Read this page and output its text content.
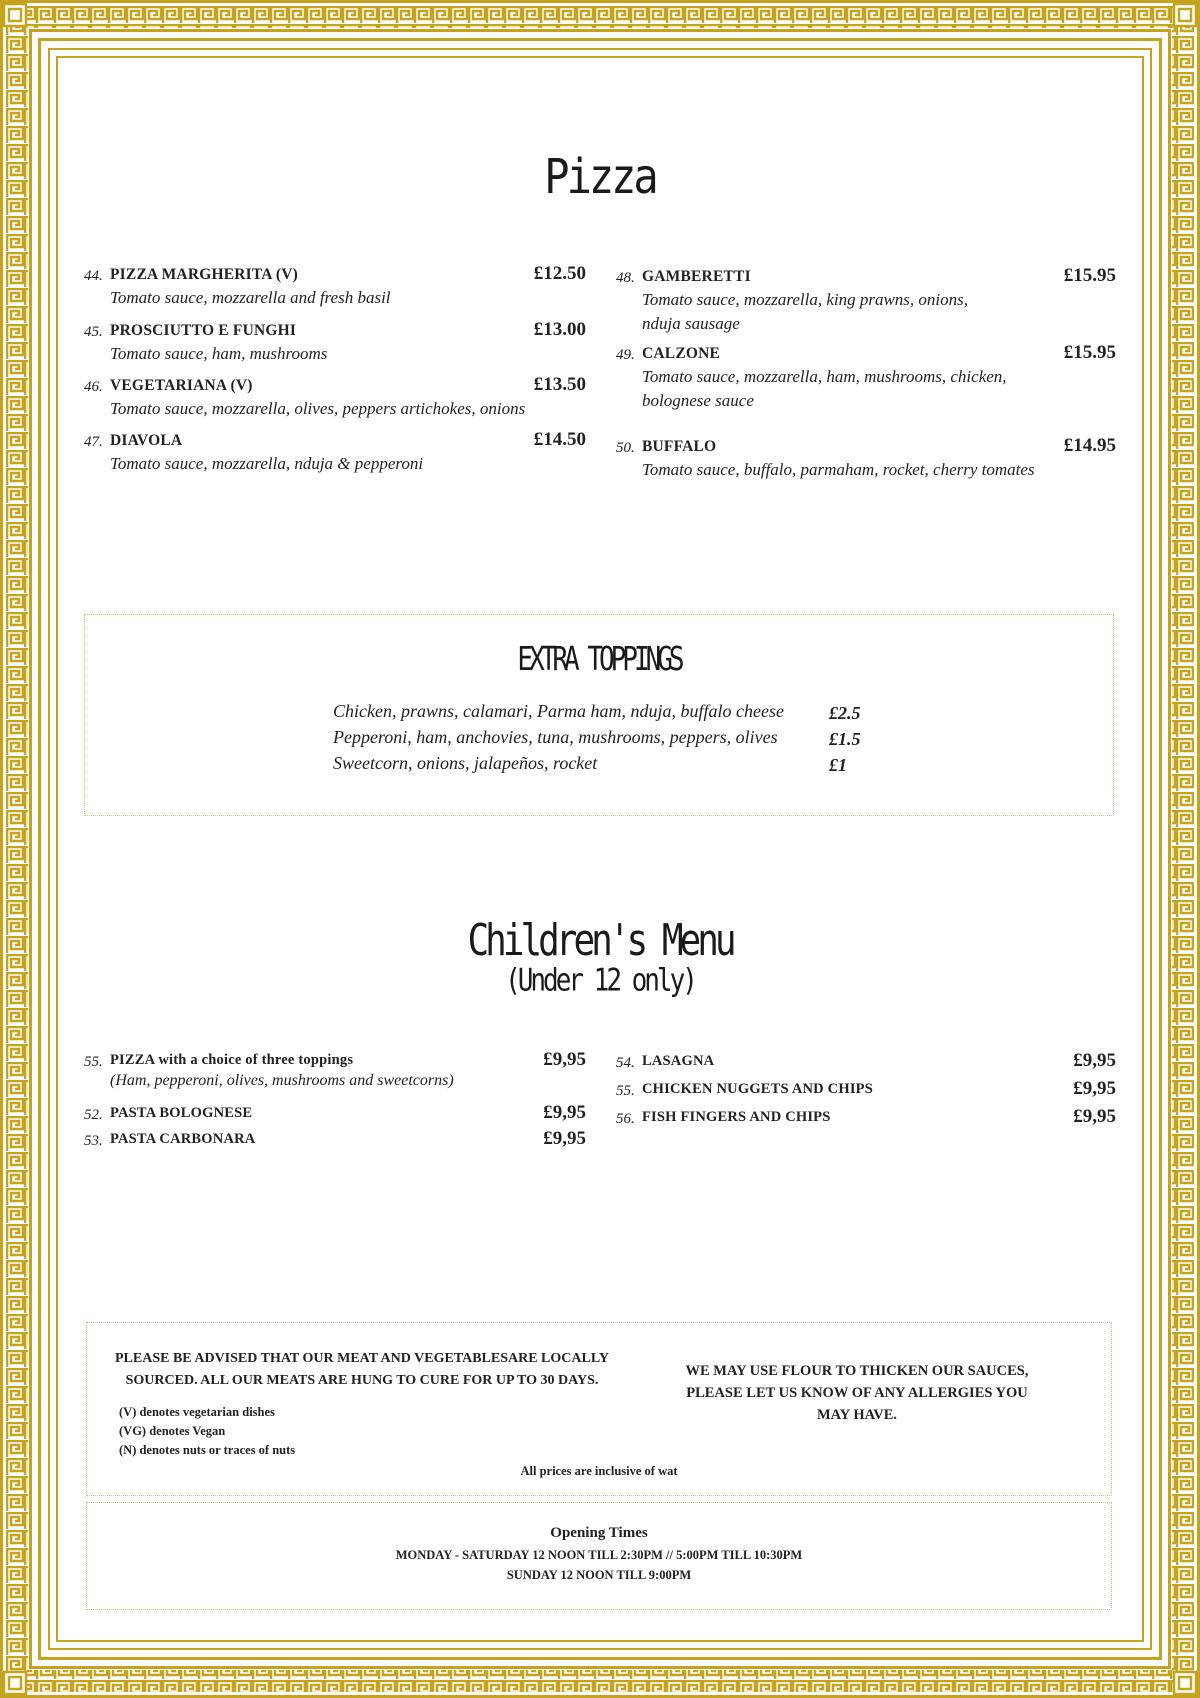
Pizza
44. PIZZA MARGHERITA (V)	£12.50
Tomato sauce, mozzarella and fresh basil
45. PROSCIUTTO E FUNGHI	£13.00
Tomato sauce, ham, mushrooms
46. VEGETARIANA (V)	£13.50
Tomato sauce, mozzarella, olives, peppers artichokes, onions
47. DIAVOLA	£14.50
Tomato sauce, mozzarella, nduja & pepperoni
48. GAMBERETTI	£15.95
Tomato sauce, mozzarella, king prawns, onions,
nduja sausage
49. CALZONE	£15.95
Tomato sauce, mozzarella, ham, mushrooms, chicken,
bolognese sauce
50. BUFFALO	£14.95
Tomato sauce, buffalo, parmaham, rocket, cherry tomates
EXTRA TOPPINGS
Chicken, prawns, calamari, Parma ham, nduja, buffalo cheese	£2.5
Pepperoni, ham, anchovies, tuna, mushrooms, peppers, olives	£1.5
Sweetcorn, onions, jalapeños, rocket	£1
Children's Menu
(Under 12 only)
55. PIZZA with a choice of three toppings	£9,95
(Ham, pepperoni, olives, mushrooms and sweetcorns)
52. PASTA BOLOGNESE	£9,95
53. PASTA CARBONARA	£9,95
54. LASAGNA	£9,95
55. CHICKEN NUGGETS AND CHIPS	£9,95
56. FISH FINGERS AND CHIPS	£9,95
PLEASE BE ADVISED THAT OUR MEAT AND VEGETABLESARE LOCALLY
SOURCED. ALL OUR MEATS ARE HUNG TO CURE FOR UP TO 30 DAYS.
(V) denotes vegetarian dishes
(VG) denotes Vegan
(N) denotes nuts or traces of nuts
WE MAY USE FLOUR TO THICKEN OUR SAUCES,
PLEASE LET US KNOW OF ANY ALLERGIES YOU
MAY HAVE.
All prices are inclusive of wat
Opening Times
MONDAY - SATURDAY 12 NOON TILL 2:30PM // 5:00PM TILL 10:30PM
SUNDAY 12 NOON TILL 9:00PM
